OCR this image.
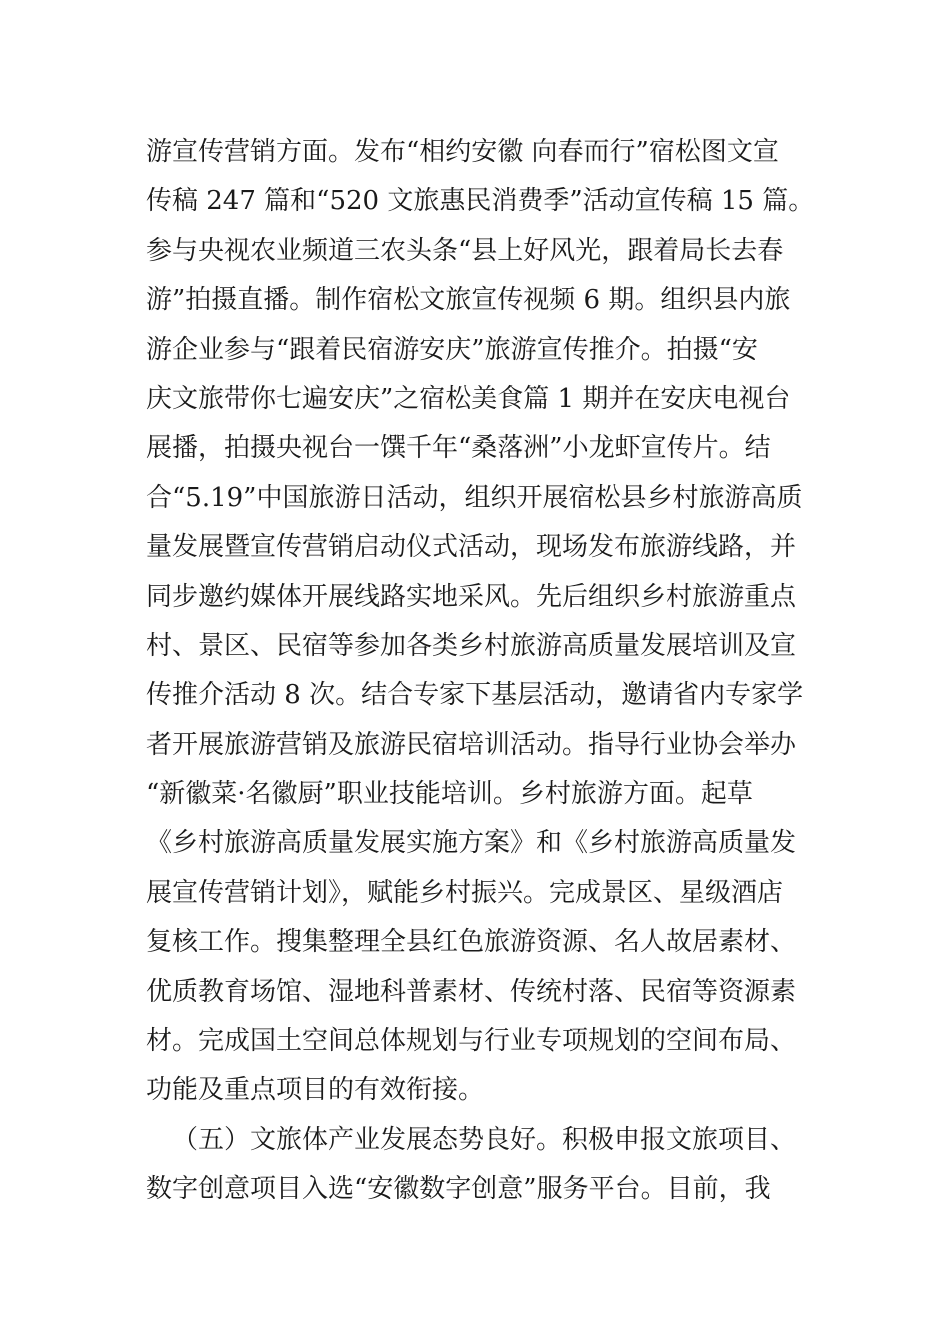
游宣传营销方面。发布“相约安徽 向春而行”宿松图文宣
传稿 247 篇和“520 文旅惠民消费季”活动宣传稿 15 篇。
参与央视农业频道三农头条“县上好风光，跟着局长去春
游”拍摄直播。制作宿松文旅宣传视频 6 期。组织县内旅
游企业参与“跟着民宿游安庆”旅游宣传推介。拍摄“安
庆文旅带你七遍安庆”之宿松美食篇 1 期并在安庆电视台
展播，拍摄央视台一馔千年“桑落洲”小龙虾宣传片。结
合“5.19”中国旅游日活动，组织开展宿松县乡村旅游高质
量发展暨宣传营销启动仪式活动，现场发布旅游线路，并
同步邀约媒体开展线路实地采风。先后组织乡村旅游重点
村、景区、民宿等参加各类乡村旅游高质量发展培训及宣
传推介活动 8 次。结合专家下基层活动，邀请省内专家学
者开展旅游营销及旅游民宿培训活动。指导行业协会举办
“新徽菜·名徽厨”职业技能培训。乡村旅游方面。起草
《乡村旅游高质量发展实施方案》和《乡村旅游高质量发
展宣传营销计划》，赋能乡村振兴。完成景区、星级酒店
复核工作。搜集整理全县红色旅游资源、名人故居素材、
优质教育场馆、湿地科普素材、传统村落、民宿等资源素
材。完成国土空间总体规划与行业专项规划的空间布局、
功能及重点项目的有效衔接。
（五）文旅体产业发展态势良好。积极申报文旅项目、
数字创意项目入选“安徽数字创意”服务平台。目前，我
